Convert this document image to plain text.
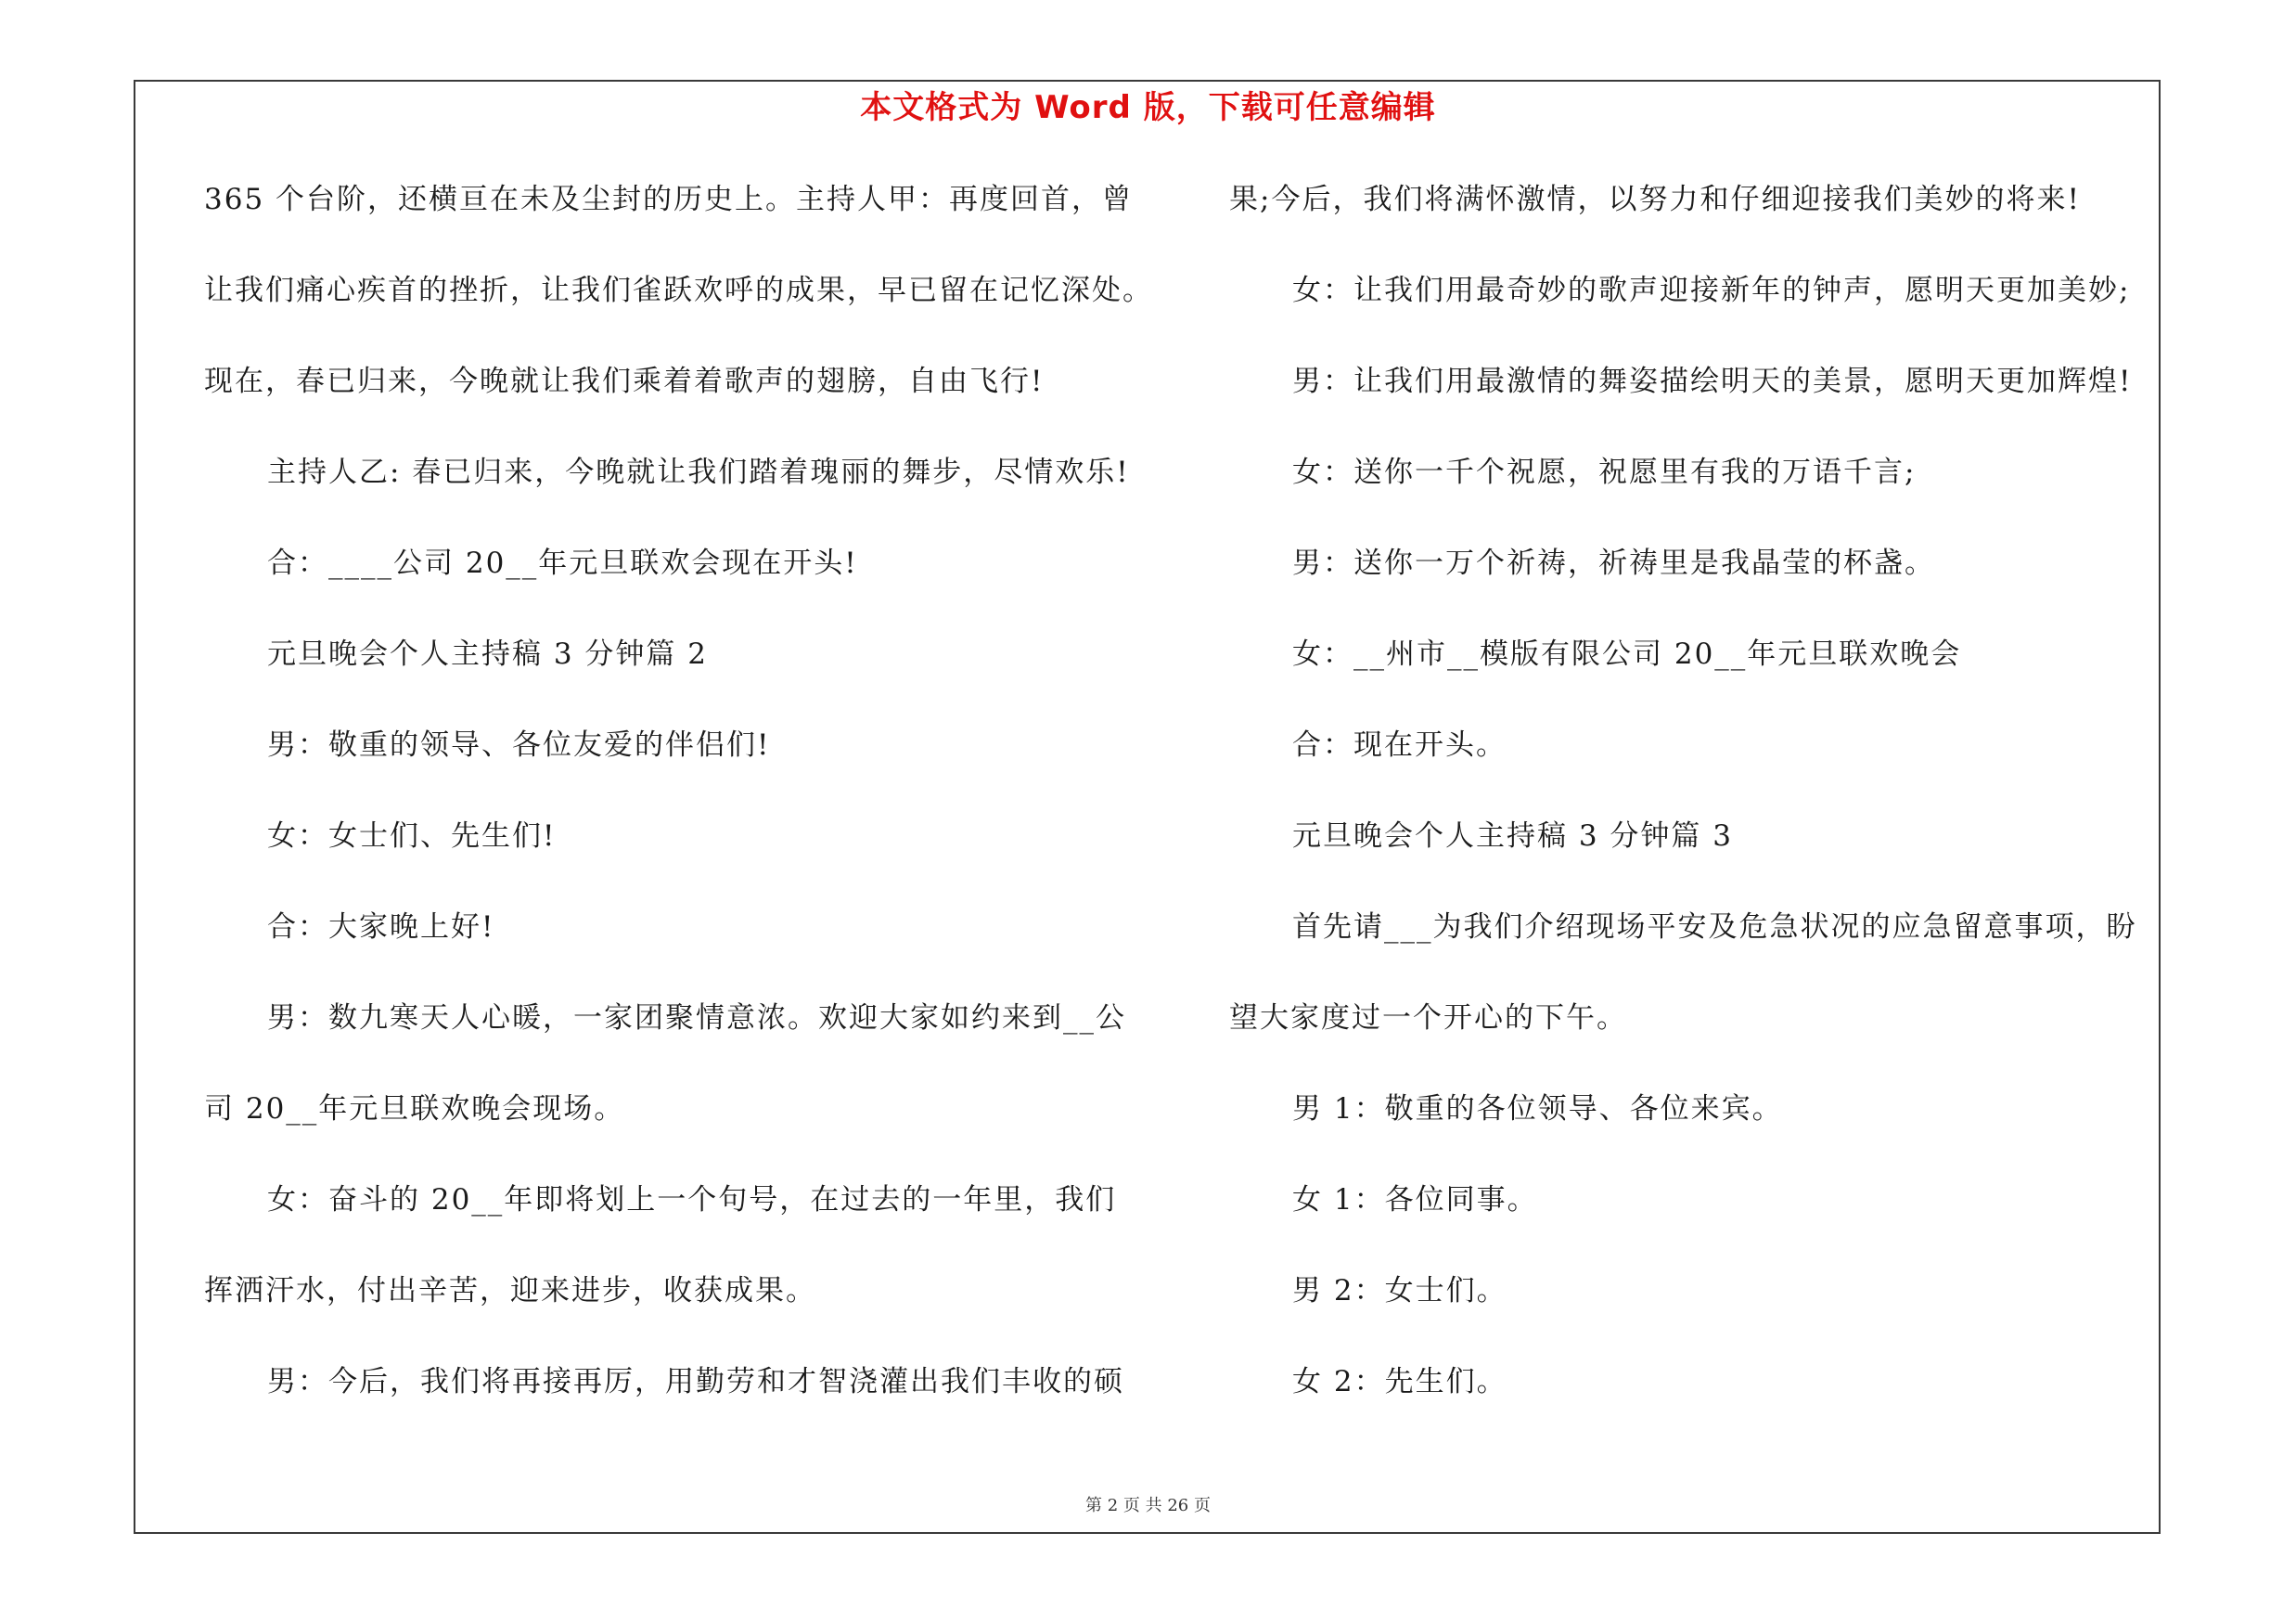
本文格式为 Word 版，下载可任意编辑
365 个台阶，还横亘在未及尘封的历史上。主持人甲：再度回首，曾
让我们痛心疾首的挫折，让我们雀跃欢呼的成果，早已留在记忆深处。
现在，春已归来，今晚就让我们乘着着歌声的翅膀，自由飞行!
主持人乙: 春已归来，今晚就让我们踏着瑰丽的舞步，尽情欢乐!
合：____公司 20__年元旦联欢会现在开头!
元旦晚会个人主持稿 3 分钟篇 2
男：敬重的领导、各位友爱的伴侣们!
女：女士们、先生们!
合：大家晚上好!
男：数九寒天人心暖，一家团聚情意浓。欢迎大家如约来到__公
司 20__年元旦联欢晚会现场。
女：奋斗的 20__年即将划上一个句号，在过去的一年里，我们
挥洒汗水，付出辛苦，迎来进步，收获成果。
男：今后，我们将再接再厉，用勤劳和才智浇灌出我们丰收的硕
果;今后，我们将满怀激情，以努力和仔细迎接我们美妙的将来!
女：让我们用最奇妙的歌声迎接新年的钟声，愿明天更加美妙;
男：让我们用最激情的舞姿描绘明天的美景，愿明天更加辉煌!
女：送你一千个祝愿，祝愿里有我的万语千言;
男：送你一万个祈祷，祈祷里是我晶莹的杯盏。
女：__州市__模版有限公司 20__年元旦联欢晚会
合：现在开头。
元旦晚会个人主持稿 3 分钟篇 3
首先请___为我们介绍现场平安及危急状况的应急留意事项，盼
望大家度过一个开心的下午。
男 1：敬重的各位领导、各位来宾。
女 1：各位同事。
男 2：女士们。
女 2：先生们。
第 2 页 共 26 页
